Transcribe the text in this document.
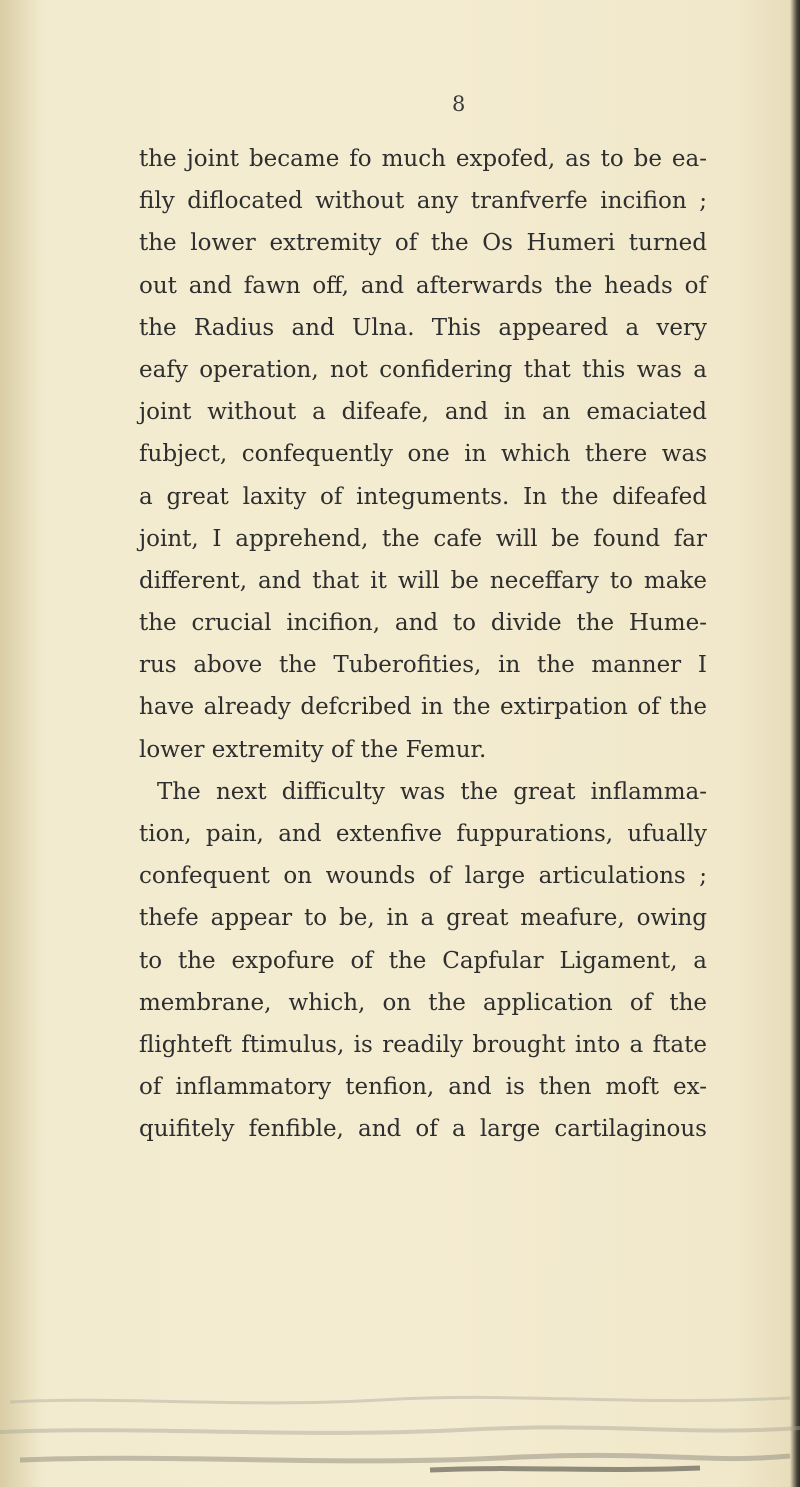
8
the joint became fo much expofed, as to be ea-
fily diflocated without any tranfverfe incifion ;
the lower extremity of the Os Humeri turned
out and fawn off, and afterwards the heads of
the Radius and Ulna. This appeared a very
eafy operation, not confidering that this was a
joint without a difeafe, and in an emaciated
fubject, confequently one in which there was
a great laxity of integuments. In the difeafed
joint, I apprehend, the cafe will be found far
different, and that it will be neceffary to make
the crucial incifion, and to divide the Hume-
rus above the Tuberofities, in the manner I
have already defcribed in the extirpation of the
lower extremity of the Femur.
The next difficulty was the great inflamma-
tion, pain, and extenfive fuppurations, ufually
confequent on wounds of large articulations ;
thefe appear to be, in a great meafure, owing
to the expofure of the Capfular Ligament, a
membrane, which, on the application of the
flighteft ftimulus, is readily brought into a ftate
of inflammatory tenfion, and is then moft ex-
quifitely fenfible, and of a large cartilaginous
